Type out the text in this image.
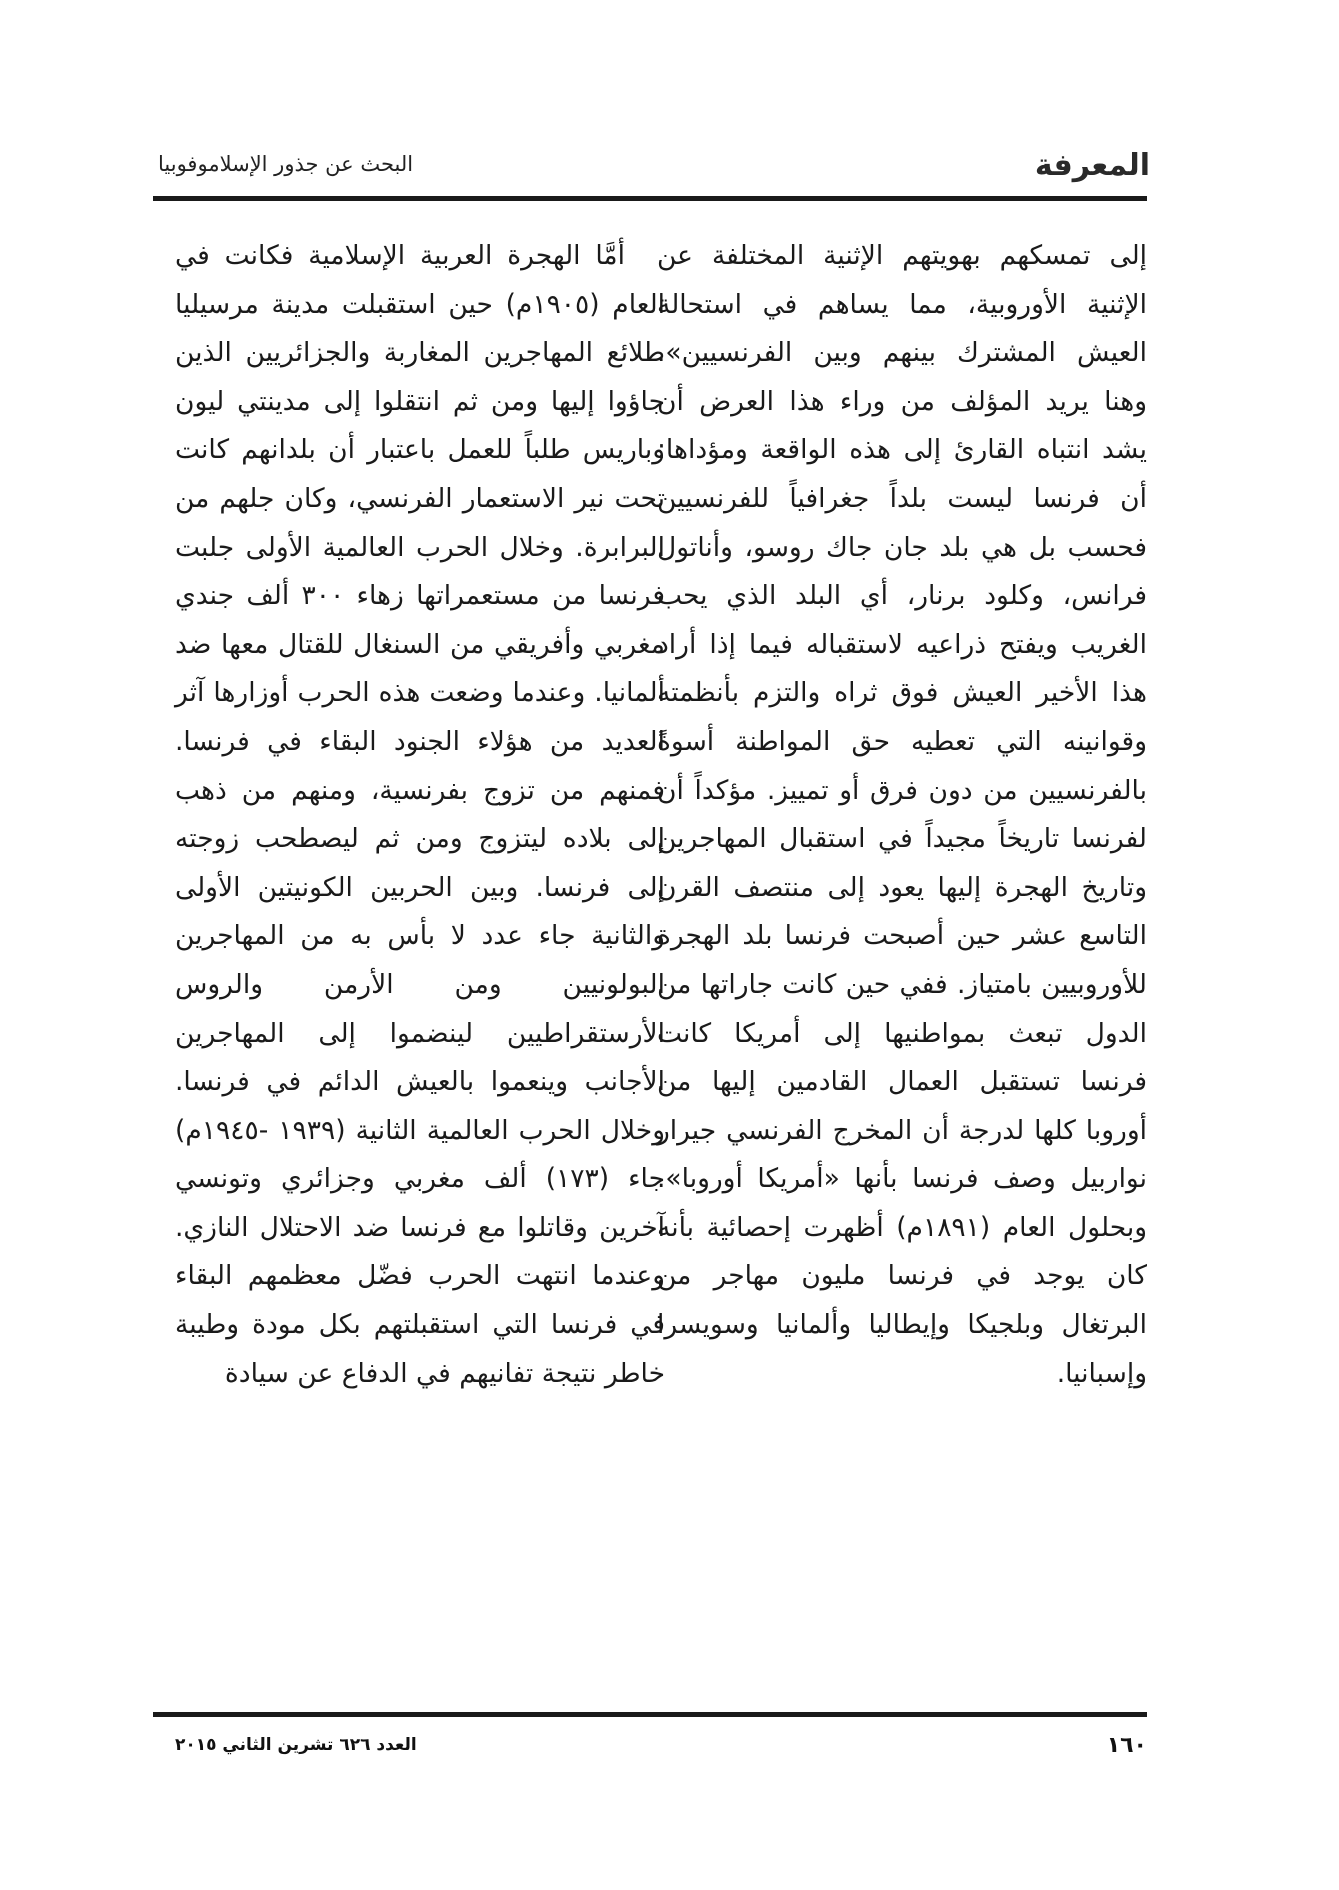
المعرفة
البحث عن جذور الإسلاموفوبيا

إلى تمسكهم بهويتهم الإثنية المختلفة عن الإثنية الأوروبية، مما يساهم في استحالة العيش المشترك بينهم وبين الفرنسيين». وهنا يريد المؤلف من وراء هذا العرض أن يشد انتباه القارئ إلى هذه الواقعة ومؤداها: أن فرنسا ليست بلداً جغرافياً للفرنسيين فحسب بل هي بلد جان جاك روسو، وأناتول فرانس، وكلود برنار، أي البلد الذي يحب الغريب ويفتح ذراعيه لاستقباله فيما إذا أراد هذا الأخير العيش فوق ثراه والتزم بأنظمته وقوانينه التي تعطيه حق المواطنة أسوةً بالفرنسيين من دون فرق أو تمييز. مؤكداً أن لفرنسا تاريخاً مجيداً في استقبال المهاجرين وتاريخ الهجرة إليها يعود إلى منتصف القرن التاسع عشر حين أصبحت فرنسا بلد الهجرة للأوروبيين بامتياز. ففي حين كانت جاراتها من الدول تبعث بمواطنيها إلى أمريكا كانت فرنسا تستقبل العمال القادمين إليها من أوروبا كلها لدرجة أن المخرج الفرنسي جيرار نواربيل وصف فرنسا بأنها «أمريكا أوروبا». وبحلول العام (١٨٩١م) أظهرت إحصائية بأنه كان يوجد في فرنسا مليون مهاجر من البرتغال وبلجيكا وإيطاليا وألمانيا وسويسرا وإسبانيا.

أمَّا الهجرة العربية الإسلامية فكانت في العام (١٩٠٥م) حين استقبلت مدينة مرسيليا طلائع المهاجرين المغاربة والجزائريين الذين جاؤوا إليها ومن ثم انتقلوا إلى مدينتي ليون وباريس طلباً للعمل باعتبار أن بلدانهم كانت تحت نير الاستعمار الفرنسي، وكان جلهم من البرابرة. وخلال الحرب العالمية الأولى جلبت فرنسا من مستعمراتها زهاء ٣٠٠ ألف جندي مغربي وأفريقي من السنغال للقتال معها ضد ألمانيا. وعندما وضعت هذه الحرب أوزارها آثر العديد من هؤلاء الجنود البقاء في فرنسا. فمنهم من تزوج بفرنسية، ومنهم من ذهب إلى بلاده ليتزوج ومن ثم ليصطحب زوجته إلى فرنسا. وبين الحربين الكونيتين الأولى والثانية جاء عدد لا بأس به من المهاجرين البولونيين ومن الأرمن والروس الأرستقراطيين لينضموا إلى المهاجرين الأجانب وينعموا بالعيش الدائم في فرنسا. وخلال الحرب العالمية الثانية (١٩٣٩ -١٩٤٥م) جاء (١٧٣) ألف مغربي وجزائري وتونسي آخرين وقاتلوا مع فرنسا ضد الاحتلال النازي. وعندما انتهت الحرب فضّل معظمهم البقاء في فرنسا التي استقبلتهم بكل مودة وطيبة خاطر نتيجة تفانيهم في الدفاع عن سيادة

١٦٠
العدد ٦٢٦ تشرين الثاني ٢٠١٥
